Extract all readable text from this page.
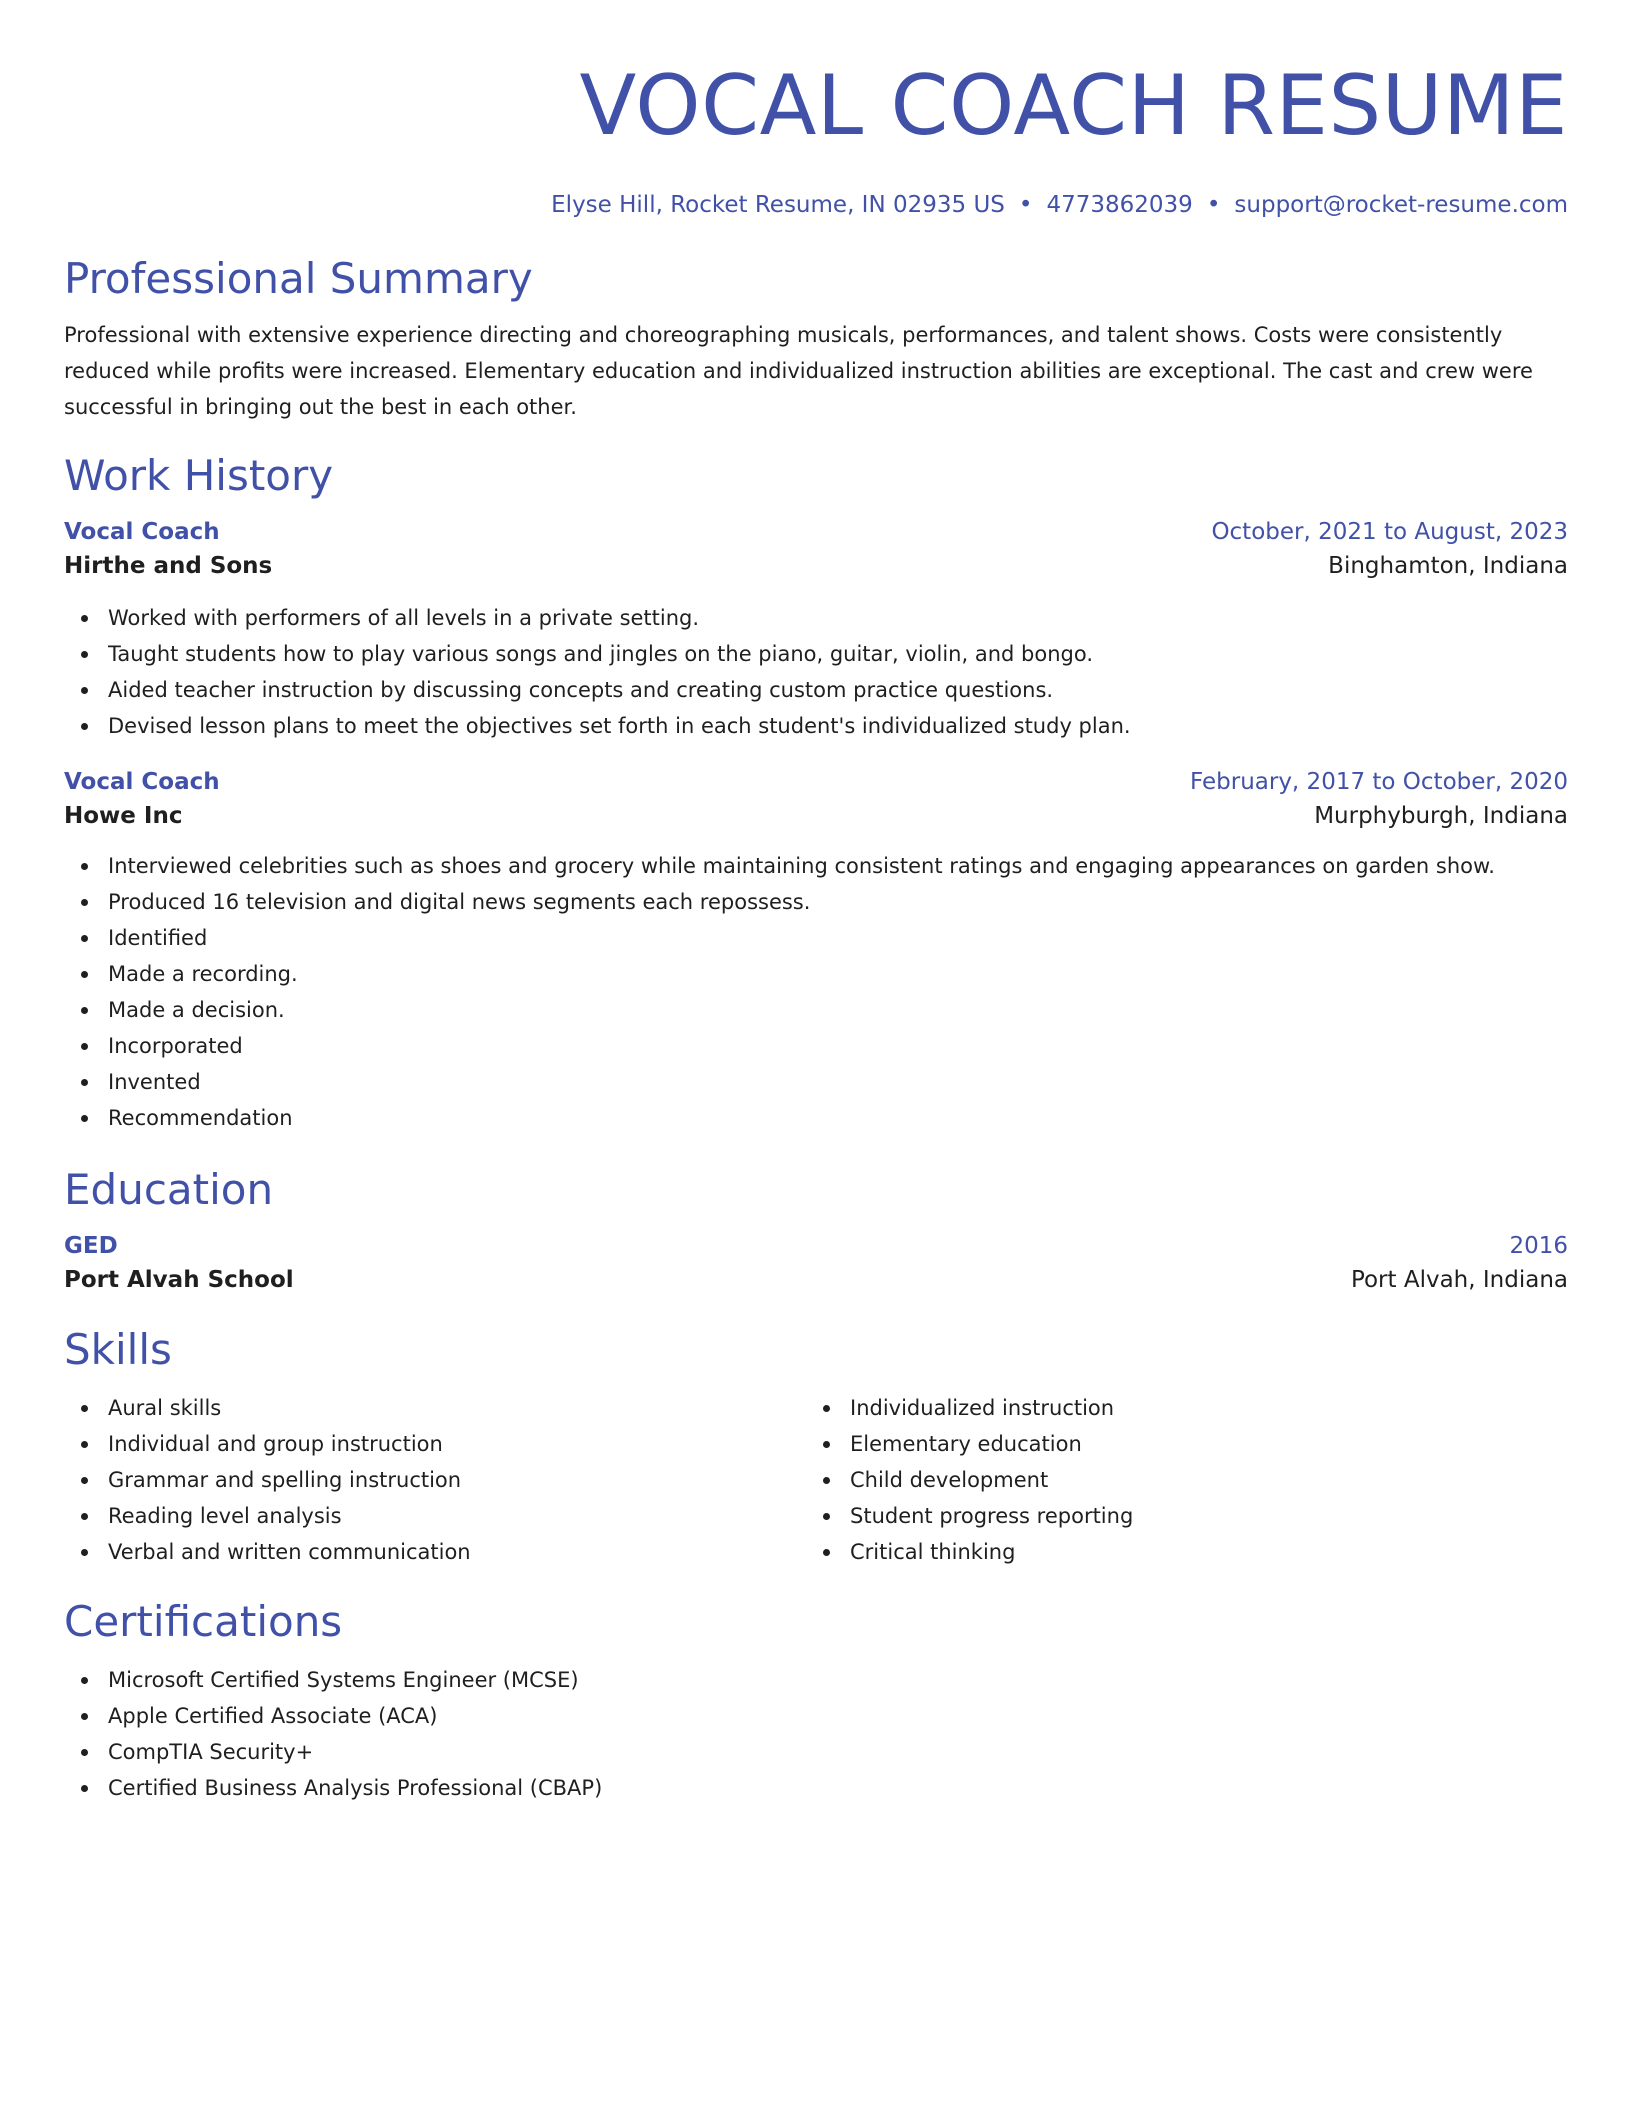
VOCAL COACH RESUME
Elyse Hill, Rocket Resume, IN 02935 US • 4773862039 • support@rocket-resume.com
Professional Summary

Professional with extensive experience directing and choreographing musicals, performances, and talent shows. Costs were consistently reduced while profits were increased. Elementary education and individualized instruction abilities are exceptional. The cast and crew were successful in bringing out the best in each other.

Work History
Vocal Coach	October, 2021 to August, 2023
Hirthe and Sons	Binghamton, Indiana
Worked with performers of all levels in a private setting.
Taught students how to play various songs and jingles on the piano, guitar, violin, and bongo.
Aided teacher instruction by discussing concepts and creating custom practice questions.
Devised lesson plans to meet the objectives set forth in each student's individualized study plan.
Vocal Coach	February, 2017 to October, 2020
Howe Inc	Murphyburgh, Indiana
Interviewed celebrities such as shoes and grocery while maintaining consistent ratings and engaging appearances on garden show.
Produced 16 television and digital news segments each repossess.
Identified
Made a recording.
Made a decision.
Incorporated
Invented
Recommendation
Education
GED	2016
Port Alvah School	Port Alvah, Indiana
Skills
Aural skills
Individual and group instruction
Grammar and spelling instruction
Reading level analysis
Verbal and written communication
Individualized instruction
Elementary education
Child development
Student progress reporting
Critical thinking
Certifications
Microsoft Certified Systems Engineer (MCSE)
Apple Certified Associate (ACA)
CompTIA Security+
Certified Business Analysis Professional (CBAP)
